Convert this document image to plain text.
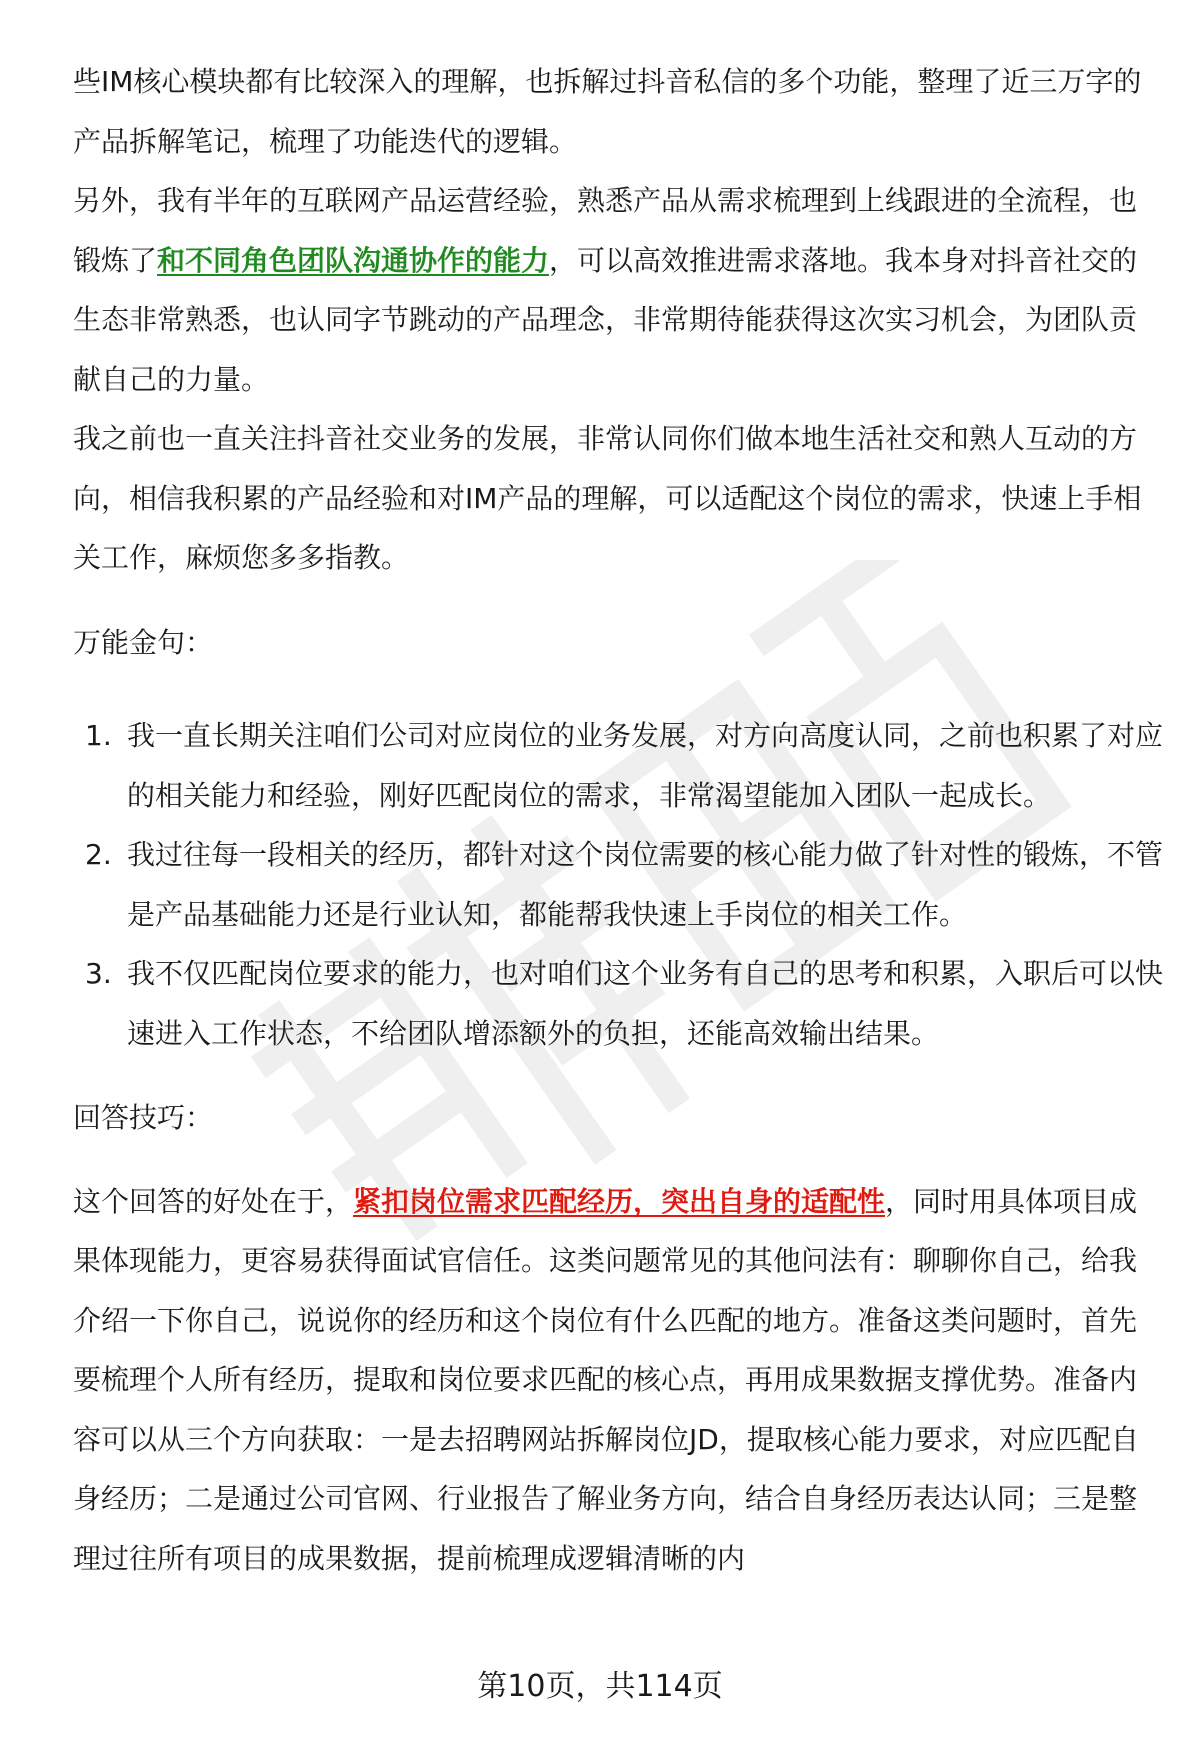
些IM核心模块都有比较深入的理解，也拆解过抖音私信的多个功能，整理了近三万字的产品拆解笔记，梳理了功能迭代的逻辑。

另外，我有半年的互联网产品运营经验，熟悉产品从需求梳理到上线跟进的全流程，也锻炼了和不同角色团队沟通协作的能力，可以高效推进需求落地。我本身对抖音社交的生态非常熟悉，也认同字节跳动的产品理念，非常期待能获得这次实习机会，为团队贡献自己的力量。

我之前也一直关注抖音社交业务的发展，非常认同你们做本地生活社交和熟人互动的方向，相信我积累的产品经验和对IM产品的理解，可以适配这个岗位的需求，快速上手相关工作，麻烦您多多指教。

万能金句：

1. 我一直长期关注咱们公司对应岗位的业务发展，对方向高度认同，之前也积累了对应的相关能力和经验，刚好匹配岗位的需求，非常渴望能加入团队一起成长。
2. 我过往每一段相关的经历，都针对这个岗位需要的核心能力做了针对性的锻炼，不管是产品基础能力还是行业认知，都能帮我快速上手岗位的相关工作。
3. 我不仅匹配岗位要求的能力，也对咱们这个业务有自己的思考和积累，入职后可以快速进入工作状态，不给团队增添额外的负担，还能高效输出结果。

回答技巧：

这个回答的好处在于，紧扣岗位需求匹配经历，突出自身的适配性，同时用具体项目成果体现能力，更容易获得面试官信任。这类问题常见的其他问法有：聊聊你自己，给我介绍一下你自己，说说你的经历和这个岗位有什么匹配的地方。准备这类问题时，首先要梳理个人所有经历，提取和岗位要求匹配的核心点，再用成果数据支撑优势。准备内容可以从三个方向获取：一是去招聘网站拆解岗位JD，提取核心能力要求，对应匹配自身经历；二是通过公司官网、行业报告了解业务方向，结合自身经历表达认同；三是整理过往所有项目的成果数据，提前梳理成逻辑清晰的内

第10页，共114页
